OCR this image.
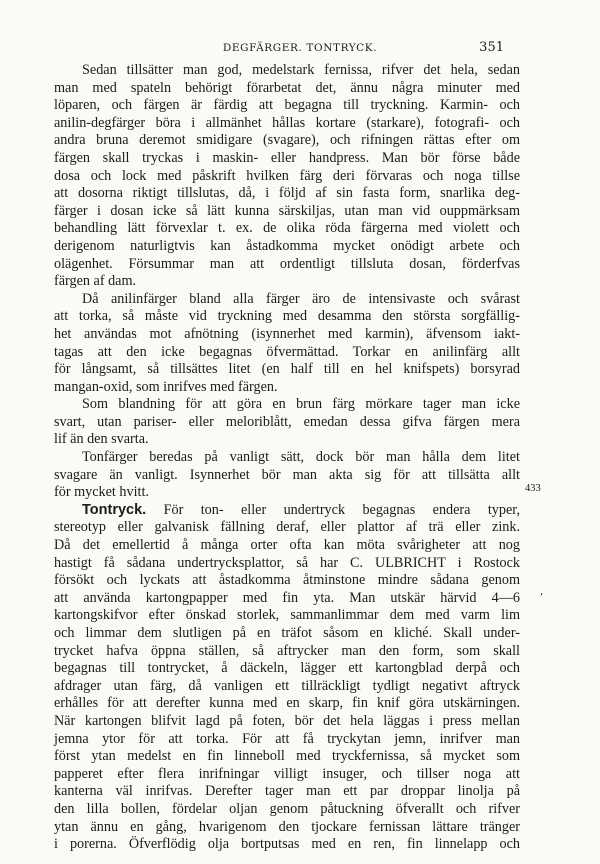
DEGFÄRGER. TONTRYCK.	351
Sedan tillsätter man god, medelstark fernissa, rifver det hela, sedan
man med spateln behörigt förarbetat det, ännu några minuter med
löparen, och färgen är färdig att begagna till tryckning. Karmin- och
anilin-degfärger böra i allmänhet hållas kortare (starkare), fotografi- och
andra bruna deremot smidigare (svagare), och rifningen rättas efter om
färgen skall tryckas i maskin- eller handpress. Man bör förse både
dosa och lock med påskrift hvilken färg deri förvaras och noga tillse
att dosorna riktigt tillslutas, då, i följd af sin fasta form, snarlika deg-
färger i dosan icke så lätt kunna särskiljas, utan man vid ouppmärksam
behandling lätt förvexlar t. ex. de olika röda färgerna med violett och
derigenom naturligtvis kan åstadkomma mycket onödigt arbete och
olägenhet. Försummar man att ordentligt tillsluta dosan, förderfvas
färgen af dam.
Då anilinfärger bland alla färger äro de intensivaste och svårast
att torka, så måste vid tryckning med desamma den största sorgfällig-
het användas mot afnötning (isynnerhet med karmin), äfvensom iakt-
tagas att den icke begagnas öfvermättad. Torkar en anilinfärg allt
för långsamt, så tillsättes litet (en half till en hel knifspets) borsyrad
mangan-oxid, som inrifves med färgen.
Som blandning för att göra en brun färg mörkare tager man icke
svart, utan pariser- eller meloriblått, emedan dessa gifva färgen mera
lif än den svarta.
Tonfärger beredas på vanligt sätt, dock bör man hålla dem litet
svagare än vanligt. Isynnerhet bör man akta sig för att tillsätta allt
för mycket hvitt.
Tontryck. För ton- eller undertryck begagnas endera typer,
stereotyp eller galvanisk fällning deraf, eller plattor af trä eller zink.
Då det emellertid å många orter ofta kan möta svårigheter att nog
hastigt få sådana undertrycksplattor, så har C. ULBRICHT i Rostock
försökt och lyckats att åstadkomma åtminstone mindre sådana genom
att använda kartongpapper med fin yta. Man utskär härvid 4—6
kartongskifvor efter önskad storlek, sammanlimmar dem med varm lim
och limmar dem slutligen på en träfot såsom en kliché. Skall under-
trycket hafva öppna ställen, så aftrycker man den form, som skall
begagnas till tontrycket, å däckeln, lägger ett kartongblad derpå och
afdrager utan färg, då vanligen ett tillräckligt tydligt negativt aftryck
erhålles för att derefter kunna med en skarp, fin knif göra utskärningen.
När kartongen blifvit lagd på foten, bör det hela läggas i press mellan
jemna ytor för att torka. För att få tryckytan jemn, inrifver man
först ytan medelst en fin linneboll med tryckfernissa, så mycket som
papperet efter flera inrifningar villigt insuger, och tillser noga att
kanterna väl inrifvas. Derefter tager man ett par droppar linolja på
den lilla bollen, fördelar oljan genom påtuckning öfverallt och rifver
ytan ännu en gång, hvarigenom den tjockare fernissan lättare tränger
i porerna. Öfverflödig olja bortputsas med en ren, fin linnelapp och
433
‚
